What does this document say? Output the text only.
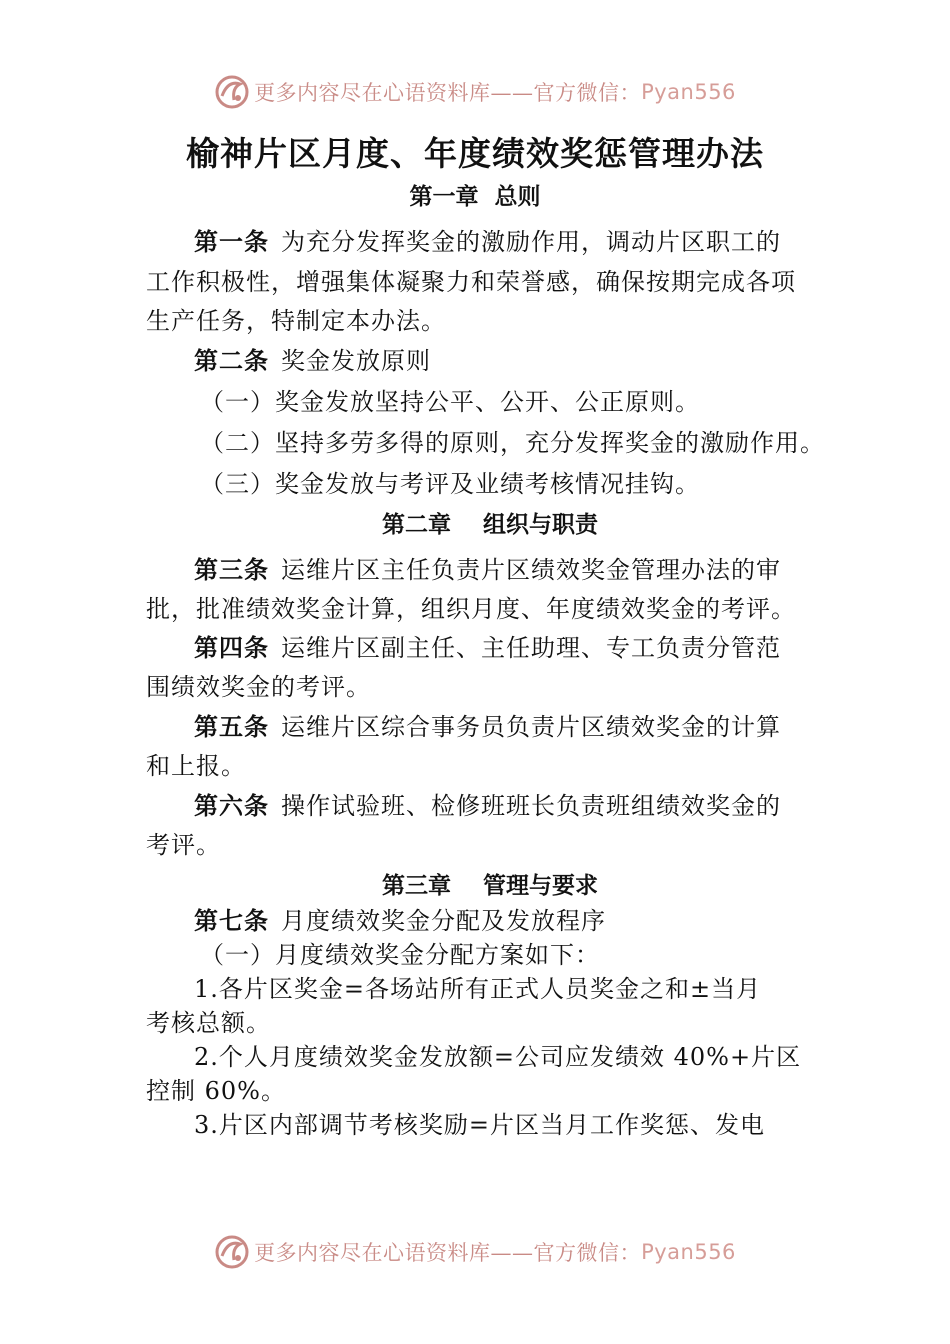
更多内容尽在心语资料库——官方微信： Pyan556
榆神片区月度、年度绩效奖惩管理办法
第一章  总则
第一条 为充分发挥奖金的激励作用，调动片区职工的
工作积极性，增强集体凝聚力和荣誉感，确保按期完成各项
生产任务，特制定本办法。
第二条 奖金发放原则
（一）奖金发放坚持公平、公开、公正原则。
（二）坚持多劳多得的原则，充分发挥奖金的激励作用。
（三）奖金发放与考评及业绩考核情况挂钩。
第二章    组织与职责
第三条 运维片区主任负责片区绩效奖金管理办法的审
批，批准绩效奖金计算，组织月度、年度绩效奖金的考评。
第四条 运维片区副主任、主任助理、专工负责分管范
围绩效奖金的考评。
第五条 运维片区综合事务员负责片区绩效奖金的计算
和上报。
第六条 操作试验班、检修班班长负责班组绩效奖金的
考评。
第三章    管理与要求
第七条 月度绩效奖金分配及发放程序
（一）月度绩效奖金分配方案如下：
1.各片区奖金=各场站所有正式人员奖金之和±当月
考核总额。
2.个人月度绩效奖金发放额=公司应发绩效 40%+片区
控制 60%。
3.片区内部调节考核奖励=片区当月工作奖惩、发电
更多内容尽在心语资料库——官方微信： Pyan556
